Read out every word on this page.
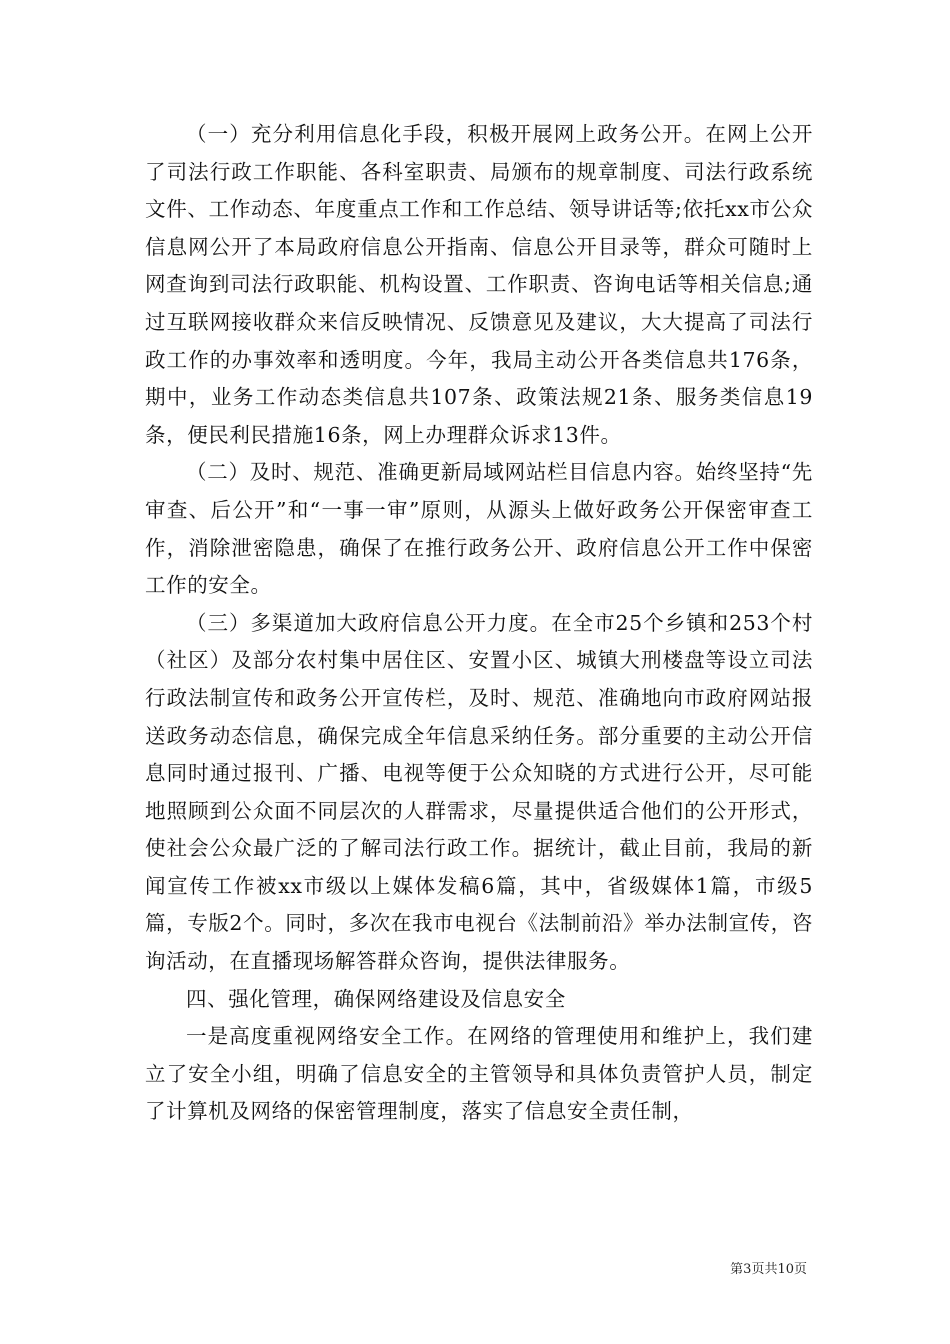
（一）充分利用信息化手段，积极开展网上政务公开。在网上公开了司法行政工作职能、各科室职责、局颁布的规章制度、司法行政系统文件、工作动态、年度重点工作和工作总结、领导讲话等;依托xx市公众信息网公开了本局政府信息公开指南、信息公开目录等，群众可随时上网查询到司法行政职能、机构设置、工作职责、咨询电话等相关信息;通过互联网接收群众来信反映情况、反馈意见及建议，大大提高了司法行政工作的办事效率和透明度。今年，我局主动公开各类信息共176条，期中，业务工作动态类信息共107条、政策法规21条、服务类信息19条，便民利民措施16条，网上办理群众诉求13件。

（二）及时、规范、准确更新局域网站栏目信息内容。始终坚持“先审查、后公开”和“一事一审”原则，从源头上做好政务公开保密审查工作，消除泄密隐患，确保了在推行政务公开、政府信息公开工作中保密工作的安全。

（三）多渠道加大政府信息公开力度。在全市25个乡镇和253个村（社区）及部分农村集中居住区、安置小区、城镇大刑楼盘等设立司法行政法制宣传和政务公开宣传栏，及时、规范、准确地向市政府网站报送政务动态信息，确保完成全年信息采纳任务。部分重要的主动公开信息同时通过报刊、广播、电视等便于公众知晓的方式进行公开，尽可能地照顾到公众面不同层次的人群需求，尽量提供适合他们的公开形式，使社会公众最广泛的了解司法行政工作。据统计，截止目前，我局的新闻宣传工作被xx市级以上媒体发稿6篇，其中，省级媒体1篇，市级5篇，专版2个。同时，多次在我市电视台《法制前沿》举办法制宣传，咨询活动，在直播现场解答群众咨询，提供法律服务。

四、强化管理，确保网络建设及信息安全

一是高度重视网络安全工作。在网络的管理使用和维护上，我们建立了安全小组，明确了信息安全的主管领导和具体负责管护人员，制定了计算机及网络的保密管理制度，落实了信息安全责任制，

第3页共10页
